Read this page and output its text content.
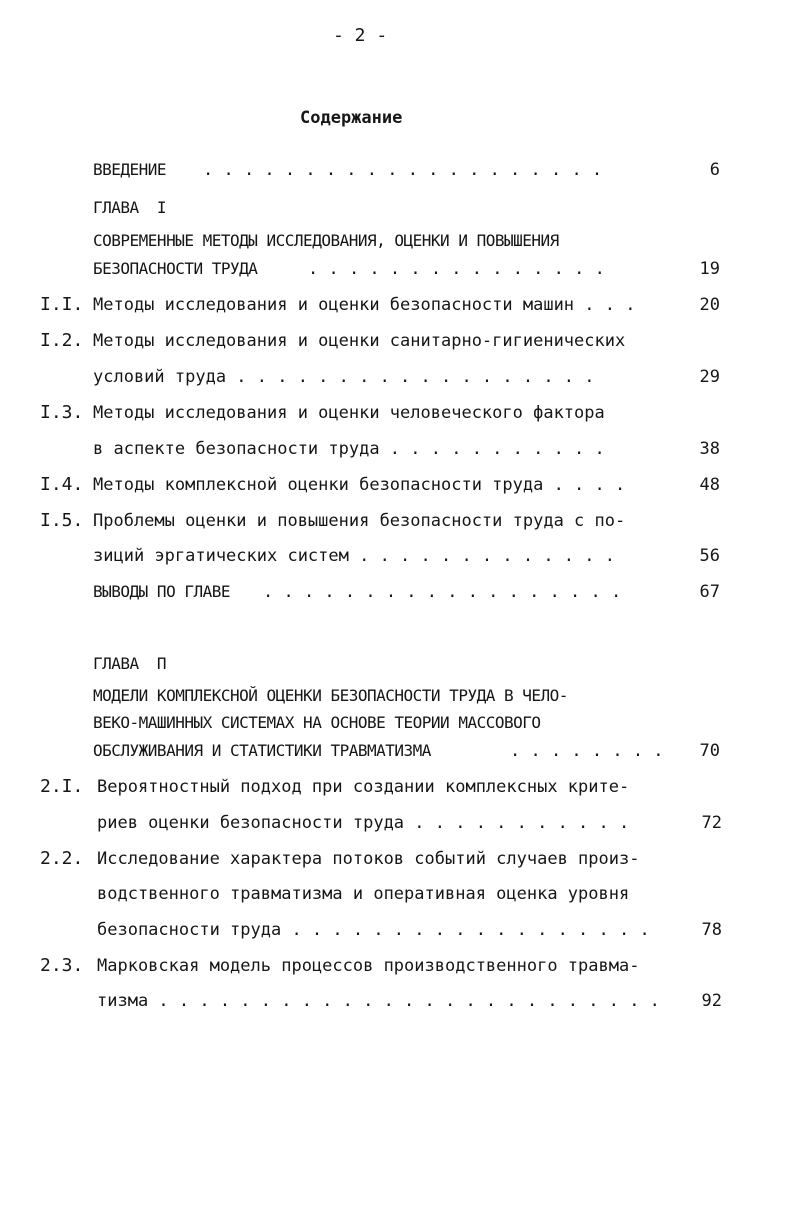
- 2 -
Содержание
ВВЕДЕНИЕ . . . . . . . . . . . . . . . . . . . .	6
ГЛАВА  I
СОВРЕМЕННЫЕ МЕТОДЫ ИССЛЕДОВАНИЯ, ОЦЕНКИ И ПОВЫШЕНИЯ
БЕЗОПАСНОСТИ ТРУДА	. . . . . . . . . . . . . . .	19
I.I. Методы исследования и оценки безопасности машин . . .	20
I.2. Методы исследования и оценки санитарно-гигиенических
условий труда . . . . . . . . . . . . . . . . . .	29
I.3. Методы исследования и оценки человеческого фактора
в аспекте безопасности труда . . . . . . . . . . .	38
I.4. Методы комплексной оценки безопасности труда . . . .	48
I.5. Проблемы оценки и повышения безопасности труда с по-
зиций эргатических систем . . . . . . . . . . . . .	56
ВЫВОДЫ ПО ГЛАВЕ . . . . . . . . . . . . . . . . . .	67
ГЛАВА  П
МОДЕЛИ КОМПЛЕКСНОЙ ОЦЕНКИ БЕЗОПАСНОСТИ ТРУДА В ЧЕЛО-
ВЕКО-МАШИННЫХ СИСТЕМАХ НА ОСНОВЕ ТЕОРИИ МАССОВОГО
ОБСЛУЖИВАНИЯ И СТАТИСТИКИ ТРАВМАТИЗМА	. . . . . . . .	70
2.I. Вероятностный подход при создании комплексных крите-
риев оценки безопасности труда . . . . . . . . . . .	72
2.2. Исследование характера потоков событий случаев произ-
водственного травматизма и оперативная оценка уровня
безопасности труда . . . . . . . . . . . . . . . . . .	78
2.3. Марковская модель процессов производственного травма-
тизма . . . . . . . . . . . . . . . . . . . . . . . . .	92
